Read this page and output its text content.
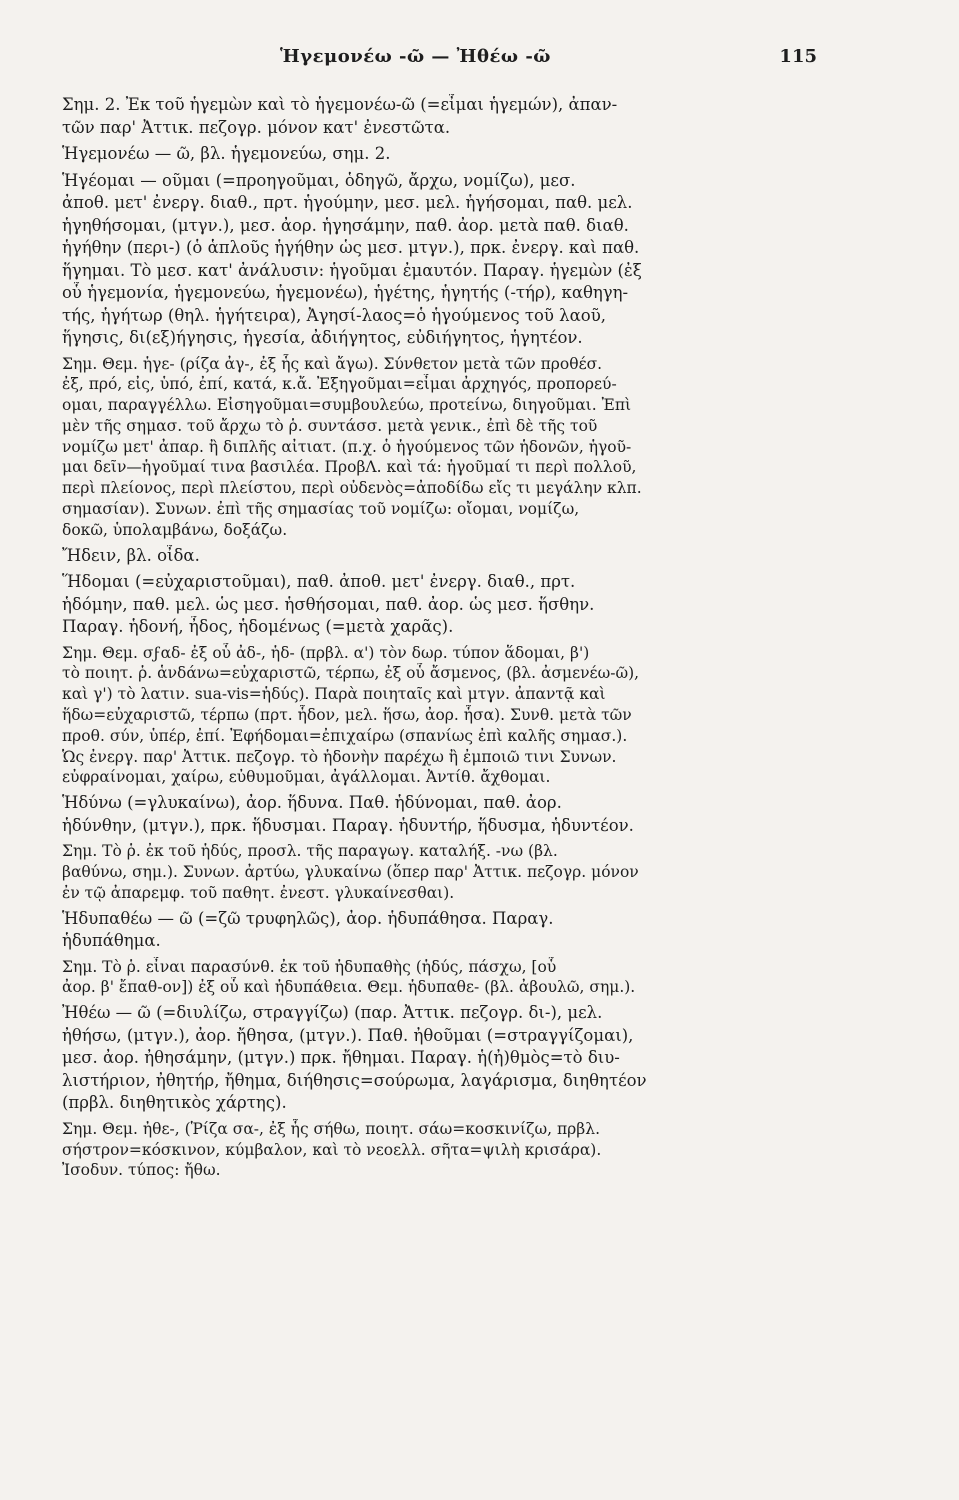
Ἡγεμονέω -ῶ — Ἠθέω -ῶ	115

Σημ. 2. Ἐκ τοῦ ἡγεμὼν καὶ τὸ ἡγεμονέω-ῶ (=εἶμαι ἡγεμών), ἀπαν-

τῶν παρ' Ἀττικ. πεζογρ. μόνον κατ' ἐνεστῶτα.

Ἡγεμονέω — ῶ, βλ. ἡγεμονεύω, σημ. 2.

Ἡγέομαι — οῦμαι (=προηγοῦμαι, ὁδηγῶ, ἄρχω, νομίζω), μεσ.

ἀποθ. μετ' ἐνεργ. διαθ., πρτ. ἡγούμην, μεσ. μελ. ἡγήσομαι, παθ. μελ.

ἡγηθήσομαι, (μτγν.), μεσ. ἀορ. ἡγησάμην, παθ. ἀορ. μετὰ παθ. διαθ.

ἡγήθην (περι-) (ὁ ἁπλοῦς ἡγήθην ὡς μεσ. μτγν.), πρκ. ἐνεργ. καὶ παθ.

ἥγημαι. Τὸ μεσ. κατ' ἀνάλυσιν: ἡγοῦμαι ἐμαυτόν. Παραγ. ἡγεμὼν (ἐξ

οὗ ἡγεμονία, ἡγεμονεύω, ἡγεμονέω), ἡγέτης, ἡγητής (-τήρ), καθηγη-

τής, ἡγήτωρ (θηλ. ἡγήτειρα), Ἀγησί-λαος=ὁ ἡγούμενος τοῦ λαοῦ,

ἥγησις, δι(εξ)ήγησις, ἡγεσία, ἀδιήγητος, εὐδιήγητος, ἡγητέον.

Σημ. Θεμ. ἡγε- (ρίζα ἀγ-, ἐξ ἧς καὶ ἄγω). Σύνθετον μετὰ τῶν προθέσ.

ἐξ, πρό, εἰς, ὑπό, ἐπί, κατά, κ.ἄ. Ἐξηγοῦμαι=εἶμαι ἀρχηγός, προπορεύ-

ομαι, παραγγέλλω. Εἰσηγοῦμαι=συμβουλεύω, προτείνω, διηγοῦμαι. Ἐπὶ

μὲν τῆς σημασ. τοῦ ἄρχω τὸ ῥ. συντάσσ. μετὰ γενικ., ἐπὶ δὲ τῆς τοῦ

νομίζω μετ' ἀπαρ. ἢ διπλῆς αἰτιατ. (π.χ. ὁ ἡγούμενος τῶν ἡδονῶν, ἡγοῦ-

μαι δεῖν—ἡγοῦμαί τινα βασιλέα. ΠροβΛ. καὶ τά: ἡγοῦμαί τι περὶ πολλοῦ,

περὶ πλείονος, περὶ πλείστου, περὶ οὐδενὸς=ἀποδίδω εἴς τι μεγάλην κλπ.

σημασίαν). Συνων. ἐπὶ τῆς σημασίας τοῦ νομίζω: οἴομαι, νομίζω,

δοκῶ, ὑπολαμβάνω, δοξάζω.

Ἤδειν, βλ. οἶδα.

Ἥδομαι (=εὐχαριστοῦμαι), παθ. ἀποθ. μετ' ἐνεργ. διαθ., πρτ.

ἡδόμην, παθ. μελ. ὡς μεσ. ἡσθήσομαι, παθ. ἀορ. ὡς μεσ. ἥσθην.

Παραγ. ἡδονή, ἦδος, ἡδομένως (=μετὰ χαρᾶς).

Σημ. Θεμ. σϝαδ- ἐξ οὗ ἀδ-, ἡδ- (πρβλ. α') τὸν δωρ. τύπον ἅδομαι, β')

τὸ ποιητ. ῥ. ἁνδάνω=εὐχαριστῶ, τέρπω, ἐξ οὗ ἄσμενος, (βλ. ἀσμενέω-ῶ),

καὶ γ') τὸ λατιν. sua-vis=ἡδύς). Παρὰ ποιηταῖς καὶ μτγν. ἀπαντᾷ καὶ

ἥδω=εὐχαριστῶ, τέρπω (πρτ. ἧδον, μελ. ἥσω, ἀορ. ἧσα). Συνθ. μετὰ τῶν

προθ. σύν, ὑπέρ, ἐπί. Ἐφήδομαι=ἐπιχαίρω (σπανίως ἐπὶ καλῆς σημασ.).

Ὡς ἐνεργ. παρ' Ἀττικ. πεζογρ. τὸ ἡδονὴν παρέχω ἢ ἐμποιῶ τινι Συνων.

εὐφραίνομαι, χαίρω, εὐθυμοῦμαι, ἀγάλλομαι. Ἀντίθ. ἄχθομαι.

Ἡδύνω (=γλυκαίνω), ἀορ. ἥδυνα. Παθ. ἡδύνομαι, παθ. ἀορ.

ἡδύνθην, (μτγν.), πρκ. ἥδυσμαι. Παραγ. ἡδυντήρ, ἥδυσμα, ἡδυντέον.

Σημ. Τὸ ῥ. ἐκ τοῦ ἡδύς, προσλ. τῆς παραγωγ. καταλήξ. -νω (βλ.

βαθύνω, σημ.). Συνων. ἀρτύω, γλυκαίνω (ὅπερ παρ' Ἀττικ. πεζογρ. μόνον

ἐν τῷ ἀπαρεμφ. τοῦ παθητ. ἐνεστ. γλυκαίνεσθαι).

Ἡδυπαθέω — ῶ (=ζῶ τρυφηλῶς), ἀορ. ἡδυπάθησα. Παραγ.

ἡδυπάθημα.

Σημ. Τὸ ῥ. εἶναι παρασύνθ. ἐκ τοῦ ἡδυπαθὴς (ἡδύς, πάσχω, [οὗ

ἀορ. β' ἔπαθ-ον]) ἐξ οὗ καὶ ἡδυπάθεια. Θεμ. ἡδυπαθε- (βλ. ἀβουλῶ, σημ.).

Ἠθέω — ῶ (=διυλίζω, στραγγίζω) (παρ. Ἀττικ. πεζογρ. δι-), μελ.

ἠθήσω, (μτγν.), ἀορ. ἤθησα, (μτγν.). Παθ. ἠθοῦμαι (=στραγγίζομαι),

μεσ. ἀορ. ἠθησάμην, (μτγν.) πρκ. ἤθημαι. Παραγ. ἡ(ἠ)θμὸς=τὸ διυ-

λιστήριον, ἠθητήρ, ἤθημα, διήθησις=σούρωμα, λαγάρισμα, διηθητέον

(πρβλ. διηθητικὸς χάρτης).

Σημ. Θεμ. ἠθε-, (Ῥίζα σα-, ἐξ ἧς σήθω, ποιητ. σάω=κοσκινίζω, πρβλ.

σήστρον=κόσκινον, κύμβαλον, καὶ τὸ νεοελλ. σῆτα=ψιλὴ κρισάρα).

Ἰσοδυν. τύπος: ἤθω.
